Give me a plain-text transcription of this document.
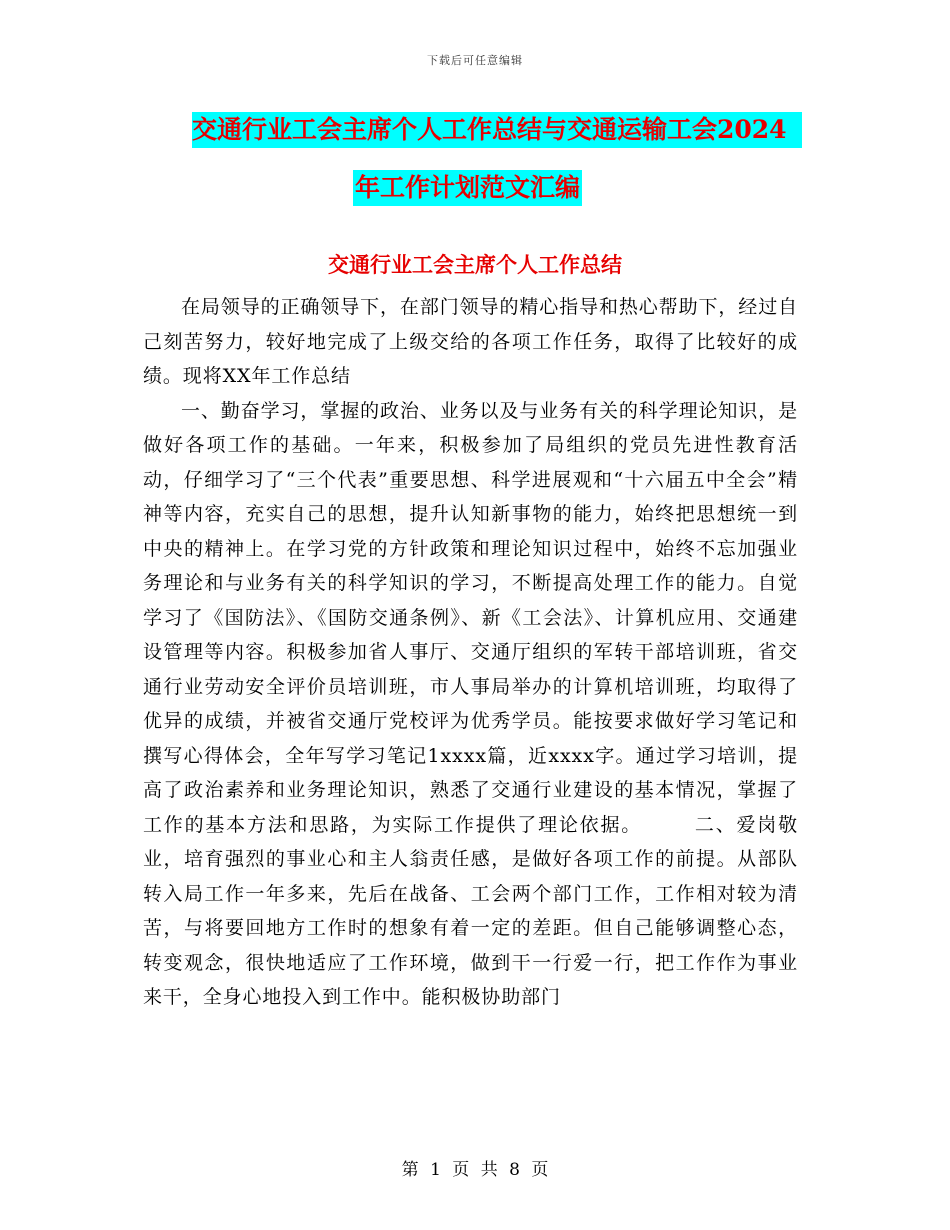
下载后可任意编辑
交通行业工会主席个人工作总结与交通运输工会2024
年工作计划范文汇编
交通行业工会主席个人工作总结

在局领导的正确领导下，在部门领导的精心指导和热心帮助下，经过自己刻苦努力，较好地完成了上级交给的各项工作任务，取得了比较好的成绩。现将XX年工作总结

一、勤奋学习，掌握的政治、业务以及与业务有关的科学理论知识，是做好各项工作的基础。一年来，积极参加了局组织的党员先进性教育活动，仔细学习了“三个代表”重要思想、科学进展观和“十六届五中全会”精神等内容，充实自己的思想，提升认知新事物的能力，始终把思想统一到中央的精神上。在学习党的方针政策和理论知识过程中，始终不忘加强业务理论和与业务有关的科学知识的学习，不断提高处理工作的能力。自觉学习了《国防法》、《国防交通条例》、新《工会法》、计算机应用、交通建设管理等内容。积极参加省人事厅、交通厅组织的军转干部培训班，省交通行业劳动安全评价员培训班，市人事局举办的计算机培训班，均取得了优异的成绩，并被省交通厅党校评为优秀学员。能按要求做好学习笔记和撰写心得体会，全年写学习笔记1xxxx篇，近xxxx字。通过学习培训，提高了政治素养和业务理论知识，熟悉了交通行业建设的基本情况，掌握了工作的基本方法和思路，为实际工作提供了理论依据。　　　二、爱岗敬业，培育强烈的事业心和主人翁责任感，是做好各项工作的前提。从部队转入局工作一年多来，先后在战备、工会两个部门工作，工作相对较为清苦，与将要回地方工作时的想象有着一定的差距。但自己能够调整心态，转变观念，很快地适应了工作环境，做到干一行爱一行，把工作作为事业来干，全身心地投入到工作中。能积极协助部门

第 1 页 共 8 页
